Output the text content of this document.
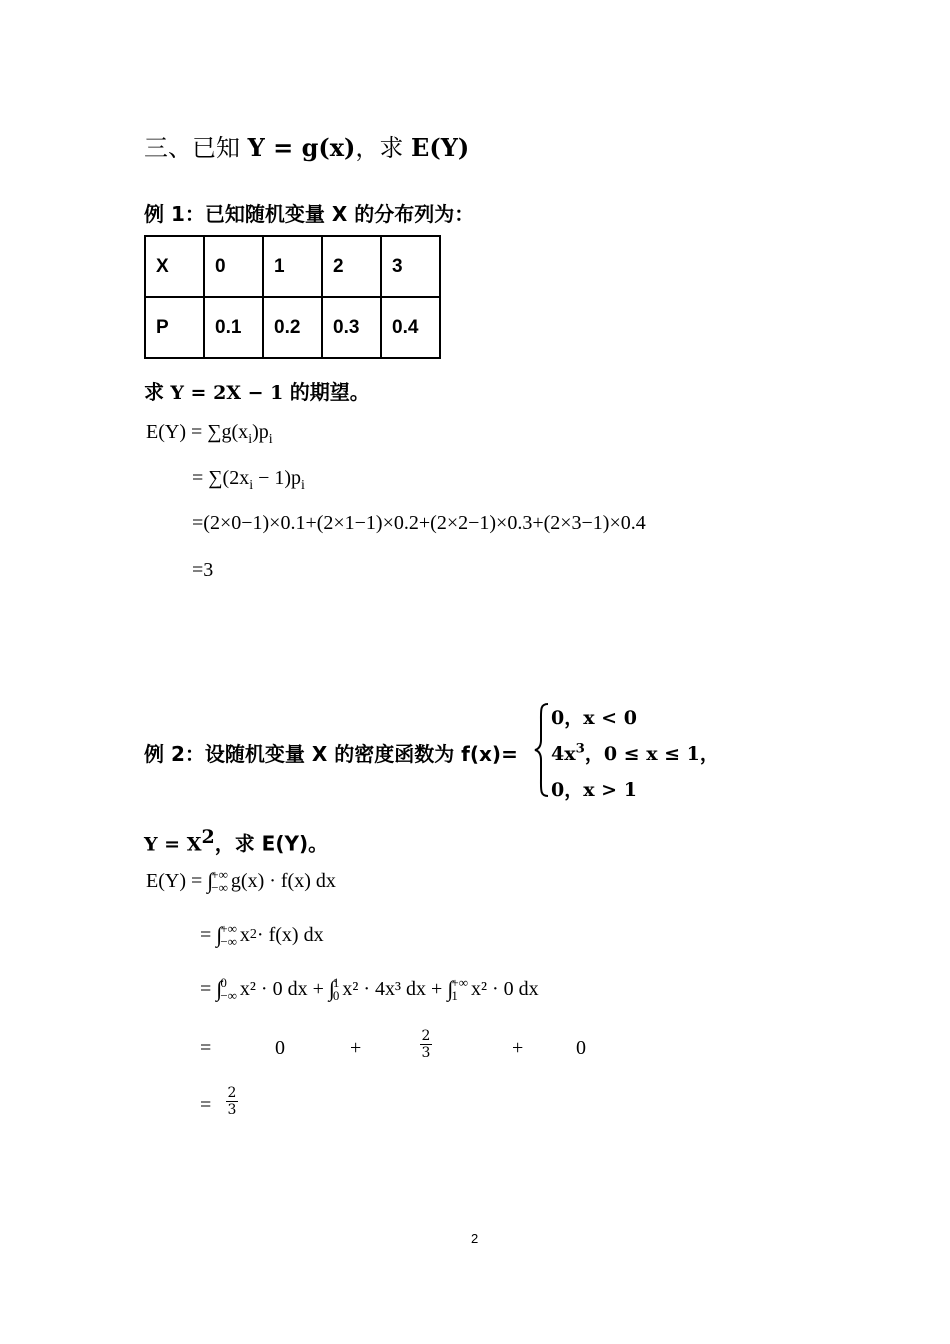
三、已知 Y = g(x)，求 E(Y)
例 1：已知随机变量 X 的分布列为：
X	0	1	2	3
P	0.1	0.2	0.3	0.4
求 Y = 2X − 1 的期望。
$E(Y) = \sum g(x_i)p_i$
= $\sum(2x_i - 1)p_i$
=(2×0−1)×0.1+(2×1−1)×0.2+(2×2−1)×0.3+(2×3−1)×0.4
=3
例 2：设随机变量 X 的密度函数为 f(x)=
0，x < 0
$4x^3$，0 ≤ x ≤ 1，
0，x > 1
$Y = X^2$，求 E(Y)。
E(Y) =
∫
+∞
−∞ g(x) · f(x) dx
=
∫
+∞
−∞ x 2 · f(x) dx
=
∫
0
−∞ x² · 0 dx +
∫
1
0 x² · 4x³ dx +
∫
+∞
1 x² · 0 dx
=	0	+
2
3	+	0
=
2
3
2
